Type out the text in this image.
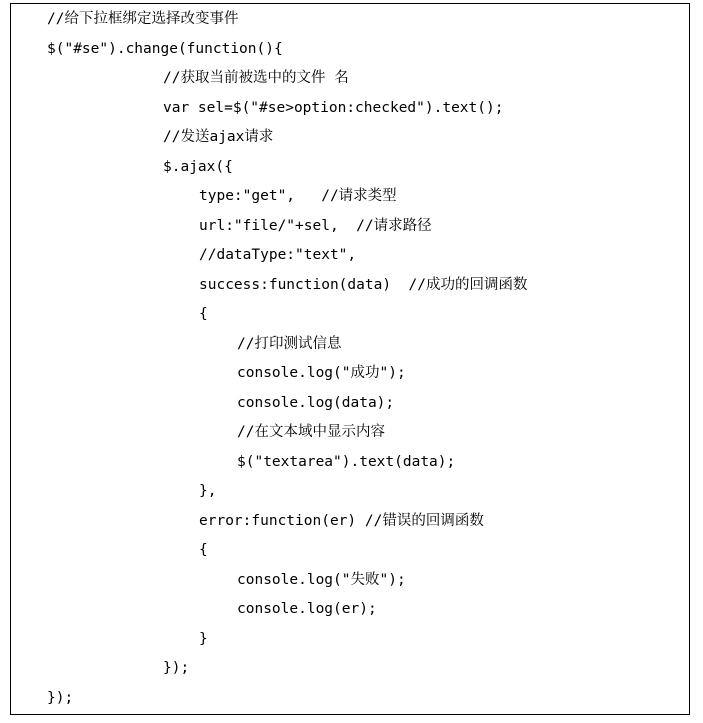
//给下拉框绑定选择改变事件
$("#se").change(function(){
//获取当前被选中的文件 名
var sel=$("#se>option:checked").text();
//发送ajax请求
$.ajax({
type:"get",   //请求类型
url:"file/"+sel,  //请求路径
//dataType:"text",
success:function(data)  //成功的回调函数
{
//打印测试信息
console.log("成功");
console.log(data);
//在文本域中显示内容
$("textarea").text(data);
},
error:function(er) //错误的回调函数
{
console.log("失败");
console.log(er);
}
});
});
